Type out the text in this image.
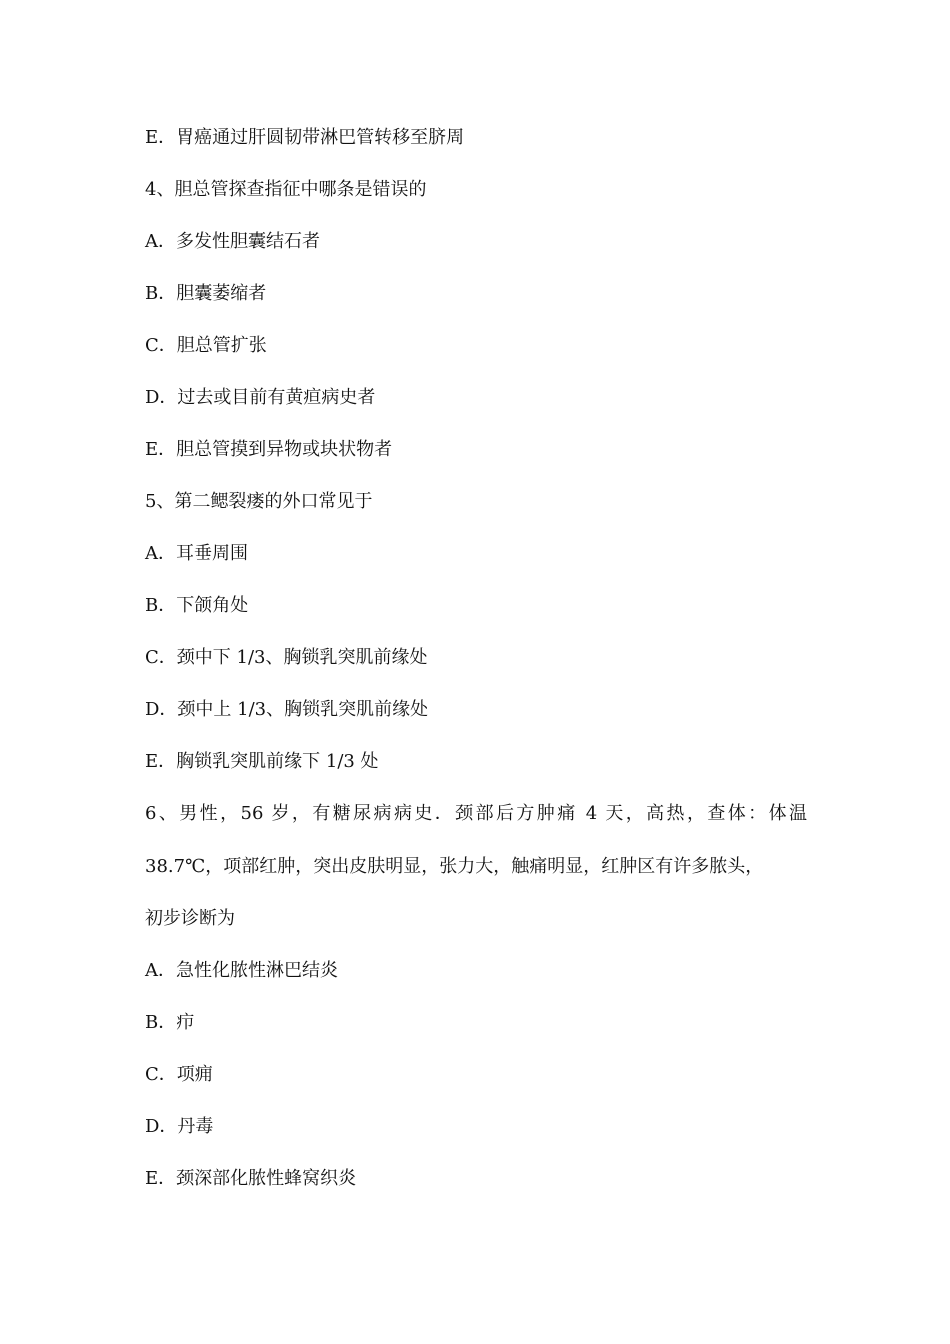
E．胃癌通过肝圆韧带淋巴管转移至脐周
4、胆总管探查指征中哪条是错误的
A．多发性胆囊结石者
B．胆囊萎缩者
C．胆总管扩张
D．过去或目前有黄疸病史者
E．胆总管摸到异物或块状物者
5、第二鳃裂瘘的外口常见于
A．耳垂周围
B．下颌角处
C．颈中下 1/3、胸锁乳突肌前缘处
D．颈中上 1/3、胸锁乳突肌前缘处
E．胸锁乳突肌前缘下 1/3 处
6、男性，56 岁，有糖尿病病史．颈部后方肿痛 4 天，高热，查体：体温
38.7℃，项部红肿，突出皮肤明显，张力大，触痛明显，红肿区有许多脓头，
初步诊断为
A．急性化脓性淋巴结炎
B．疖
C．项痈
D．丹毒
E．颈深部化脓性蜂窝织炎
